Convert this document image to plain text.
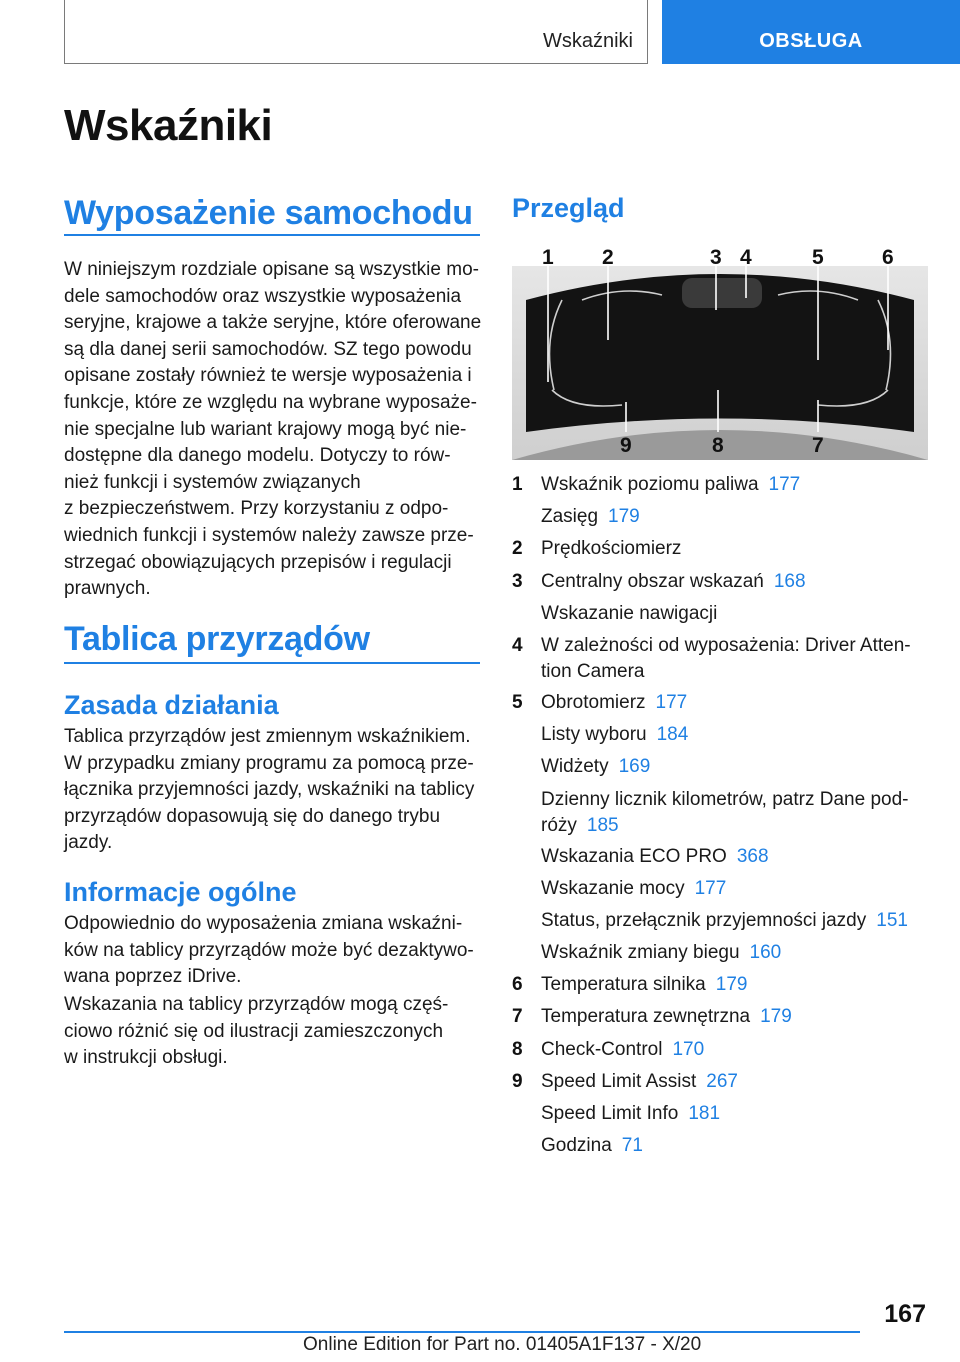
Wskaźniki	OBSŁUGA
Wskaźniki
Wyposażenie samochodu
W niniejszym rozdziale opisane są wszystkie mo‐
dele samochodów oraz wszystkie wyposażenia
seryjne, krajowe a także seryjne, które oferowane
są dla danej serii samochodów. SZ tego powodu
opisane zostały również te wersje wyposażenia i
funkcje, które ze względu na wybrane wyposaże‐
nie specjalne lub wariant krajowy mogą być nie‐
dostępne dla danego modelu. Dotyczy to rów‐
nież funkcji i systemów związanych
z bezpieczeństwem. Przy korzystaniu z odpo‐
wiednich funkcji i systemów należy zawsze prze‐
strzegać obowiązujących przepisów i regulacji
prawnych.
Tablica przyrządów
Zasada działania
Tablica przyrządów jest zmiennym wskaźnikiem.
W przypadku zmiany programu za pomocą prze‐
łącznika przyjemności jazdy, wskaźniki na tablicy
przyrządów dopasowują się do danego trybu
jazdy.
Informacje ogólne
Odpowiednio do wyposażenia zmiana wskaźni‐
ków na tablicy przyrządów może być dezaktywo‐
wana poprzez iDrive.
Wskazania na tablicy przyrządów mogą częś‐
ciowo różnić się od ilustracji zamieszczonych
w instrukcji obsługi.
Przegląd
1 2	3 4	5	6
9	8	7
1 Wskaźnik poziomu paliwa 177
Zasięg 179
2 Prędkościomierz
3 Centralny obszar wskazań 168
Wskazanie nawigacji
4 W zależności od wyposażenia: Driver Atten‐ tion Camera
5 Obrotomierz 177
Listy wyboru 184
Widżety 169
Dzienny licznik kilometrów, patrz Dane pod‐ róży 185
Wskazania ECO PRO 368
Wskazanie mocy 177
Status, przełącznik przyjemności jazdy 151
Wskaźnik zmiany biegu 160
6 Temperatura silnika 179
7 Temperatura zewnętrzna 179
8 Check-Control 170
9 Speed Limit Assist 267
Speed Limit Info 181
Godzina 71
167
Online Edition for Part no. 01405A1F137 - X/20
